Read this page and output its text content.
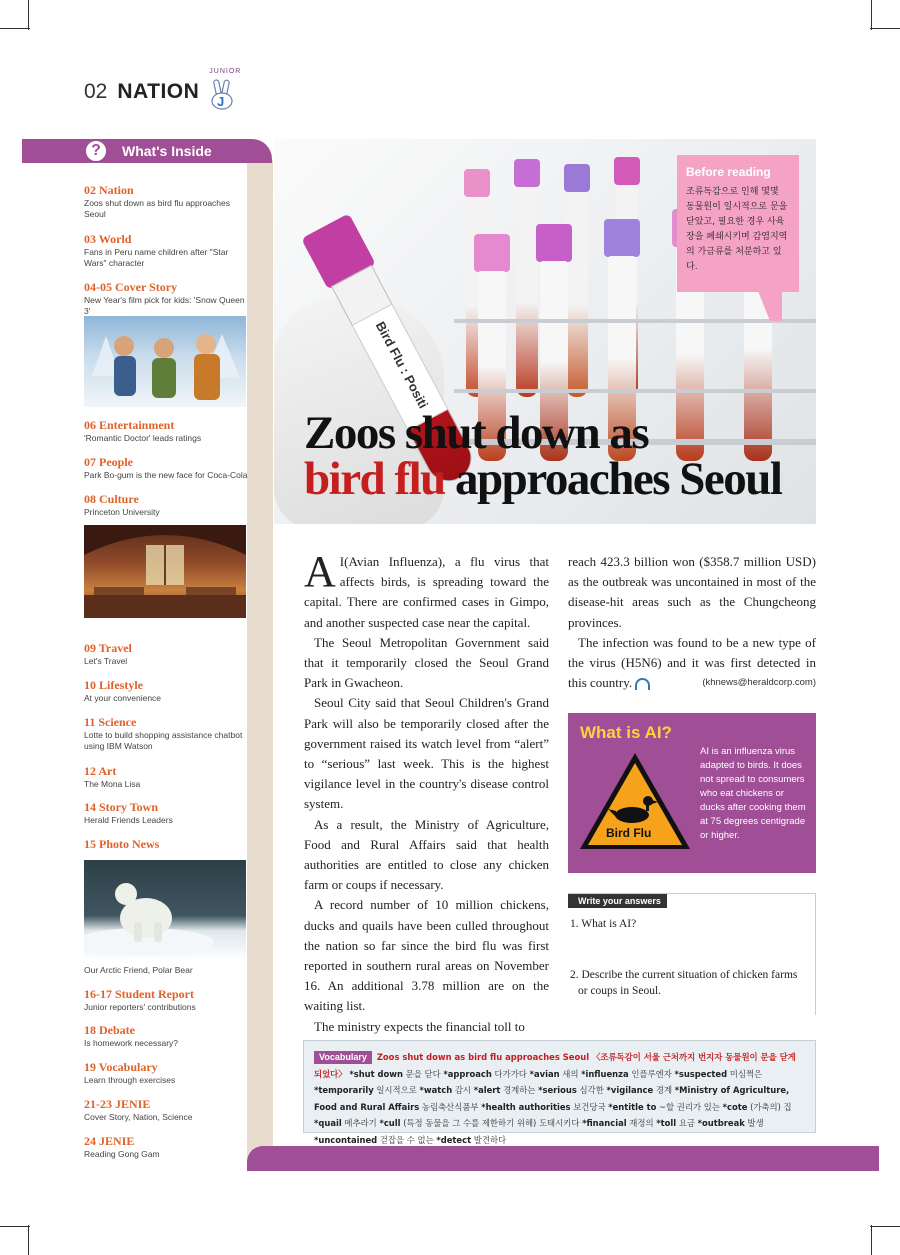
02 NATION
JUNIOR
J
?	What's Inside
02 Nation
Zoos shut down as bird flu approaches Seoul
03 World
Fans in Peru name children after "Star Wars" character
04-05 Cover Story
New Year's film pick for kids: 'Snow Queen 3'
06 Entertainment
'Romantic Doctor' leads ratings
07 People
Park Bo-gum is the new face for Coca-Cola
08 Culture
Princeton University
09 Travel
Let's Travel
10 Lifestyle
At your convenience
11 Science
Lotte to build shopping assistance chatbot using IBM Watson
12 Art
The Mona Lisa
14 Story Town
Herald Friends Leaders
15 Photo News
Our Arctic Friend, Polar Bear
16-17 Student Report
Junior reporters' contributions
18 Debate
Is homework necessary?
19 Vocabulary
Learn through exercises
21-23 JENIE
Cover Story, Nation, Science
24 JENIE
Reading Gong Gam
Bird Flu : Positi
Before reading
조류독감으로 인해 몇몇 동물원이 일시적으로 문을 닫았고, 필요한 경우 사육장을 폐쇄시키며 감염지역의 가금류를 처분하고 있다.
Zoos shut down as
bird flu approaches Seoul

A I(Avian Influenza), a flu virus that affects birds, is spreading toward the capital. There are confirmed cases in Gimpo, and another suspected case near the capital.

The Seoul Metropolitan Government said that it temporarily closed the Seoul Grand Park in Gwacheon.

Seoul City said that Seoul Children's Grand Park will also be temporarily closed after the government raised its watch level from “alert” to “serious” last week. This is the highest vigilance level in the country's disease control system.

As a result, the Ministry of Agriculture, Food and Rural Affairs said that health authorities are entitled to close any chicken farm or coups if necessary.

A record number of 10 million chickens, ducks and quails have been culled throughout the nation so far since the bird flu was first reported in southern rural areas on November 16. An additional 3.78 million are on the waiting list.

The ministry expects the financial toll to

reach 423.3 billion won ($358.7 million USD) as the outbreak was uncontained in most of the disease-hit areas such as the Chungcheong provinces.

The infection was found to be a new type of the virus (H5N6) and it was first detected in this country.	(khnews@heraldcorp.com)

What is AI?
Bird Flu
AI is an influenza virus adapted to birds. It does not spread to consumers who eat chickens or ducks after cooking them at 75 degrees centigrade or higher.
Write your answers
1. What is AI?
2. Describe the current situation of chicken farms
or coups in Seoul.
Vocabulary Zoos shut down as bird flu approaches Seoul 〈조류독감이 서울 근처까지 번지자 동물원이 문을 닫게 되었다〉 *shut down 문을 닫다 *approach 다가가다 *avian 새의 *influenza 인플루엔자 *suspected 미심쩍은 *temporarily 일시적으로 *watch 감시 *alert 경계하는 *serious 심각한 *vigilance 경계 *Ministry of Agriculture, Food and Rural Affairs 농림축산식품부 *health authorities 보건당국 *entitle to ~할 권리가 있는 *cote (가축의) 집 *quail 메추라기 *cull (특정 동물을 그 수를 제한하기 위해) 도태시키다 *financial 재정의 *toll 요금 *outbreak 발생 *uncontained 걷잡을 수 없는 *detect 발견하다
